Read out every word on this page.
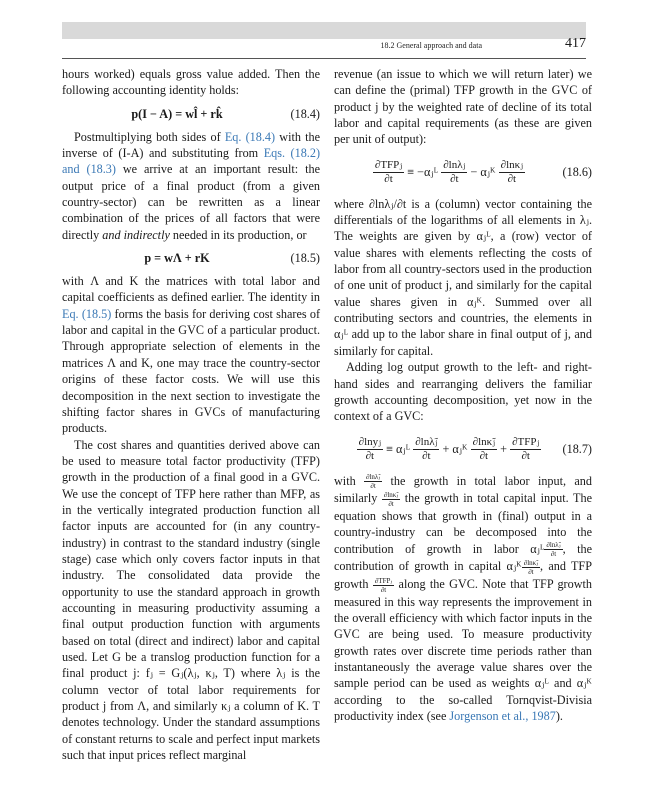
18.2 General approach and data	417

hours worked) equals gross value added. Then the following accounting identity holds:

p(I − A) = wl̂ + rk̂	(18.4)

Postmultiplying both sides of Eq. (18.4) with the inverse of (I-A) and substituting from Eqs. (18.2) and (18.3) we arrive at an important result: the output price of a final product (from a given country-sector) can be rewritten as a linear combination of the prices of all factors that were directly and indirectly needed in its production, or

p = wΛ + rK	(18.5)

with Λ and K the matrices with total labor and capital coefficients as defined earlier. The identity in Eq. (18.5) forms the basis for deriving cost shares of labor and capital in the GVC of a particular product. Through appropriate selection of elements in the matrices Λ and K, one may trace the country-sector origins of these factor costs. We will use this decomposition in the next section to investigate the shifting factor shares in GVCs of manufacturing products.

The cost shares and quantities derived above can be used to measure total factor productivity (TFP) growth in the production of a final good in a GVC. We use the concept of TFP here rather than MFP, as in the vertically integrated production function all factor inputs are accounted for (in any country-industry) in contrast to the standard industry (single stage) case which only covers factor inputs in that industry. The consolidated data provide the opportunity to use the standard approach in growth accounting in measuring productivity assuming a final output production function with arguments based on total (direct and indirect) labor and capital used. Let G be a translog production function for a final product j: fⱼ = Gⱼ(λⱼ, κⱼ, T) where λⱼ is the column vector of total labor requirements for product j from Λ, and similarly κⱼ a column of K. T denotes technology. Under the standard assumptions of constant returns to scale and perfect input markets such that input prices reflect marginal

revenue (an issue to which we will return later) we can define the (primal) TFP growth in the GVC of product j by the weighted rate of decline of its total labor and capital requirements (as these are given per unit of output):

$\frac{\text{∂TFPⱼ}}{\partial t}$ ≡ −αⱼᴸ $\frac{\text{∂lnλⱼ}}{\partial t}$ − αⱼᴷ $\frac{\text{∂lnκⱼ}}{\partial t}$	(18.6)

where ∂lnλⱼ/∂t is a (column) vector containing the differentials of the logarithms of all elements in λⱼ. The weights are given by αⱼᴸ, a (row) vector of value shares with elements reflecting the costs of labor from all country-sectors used in the production of one unit of product j, and similarly for the capital value shares given in αⱼᴷ. Summed over all contributing sectors and countries, the elements in αⱼᴸ add up to the labor share in final output of j, and similarly for capital.

Adding log output growth to the left- and right-hand sides and rearranging delivers the familiar growth accounting decomposition, yet now in the context of a GVC:

$\frac{\text{∂lnyⱼ}}{\partial t}$ ≡ αⱼᴸ $\frac{\text{∂lnλ̃ⱼ}}{\partial t}$ + αⱼᴷ $\frac{\text{∂lnκ̃ⱼ}}{\partial t} + \frac{\text{∂TFPⱼ}}{\partial t} (18.7)$

with $\frac{\text{∂lnλ̃ⱼ}}{\partial t}$ the growth in total labor input, and similarly $\frac{\text{∂lnκ̃ⱼ}}{\partial t}$ the growth in total capital input. The equation shows that growth in (final) output in a country-industry can be decomposed into the contribution of growth in labor αⱼᴸ $\frac{\text{∂lnλ̃ⱼ}}{\partial t}$ , the contribution of growth in capital αⱼᴷ $\frac{\text{∂lnκ̃ⱼ}}{\partial t}$ , and TFP growth $\frac{\text{∂TFPⱼ}}{\partial t}$ along the GVC. Note that TFP growth measured in this way represents the improvement in the overall efficiency with which factor inputs in the GVC are being used. To measure productivity growth rates over discrete time periods rather than instantaneously the average value shares over the sample period can be used as weights αⱼᴸ and αⱼᴷ according to the so-called Tornqvist-Divisia productivity index (see Jorgenson et al., 1987).
